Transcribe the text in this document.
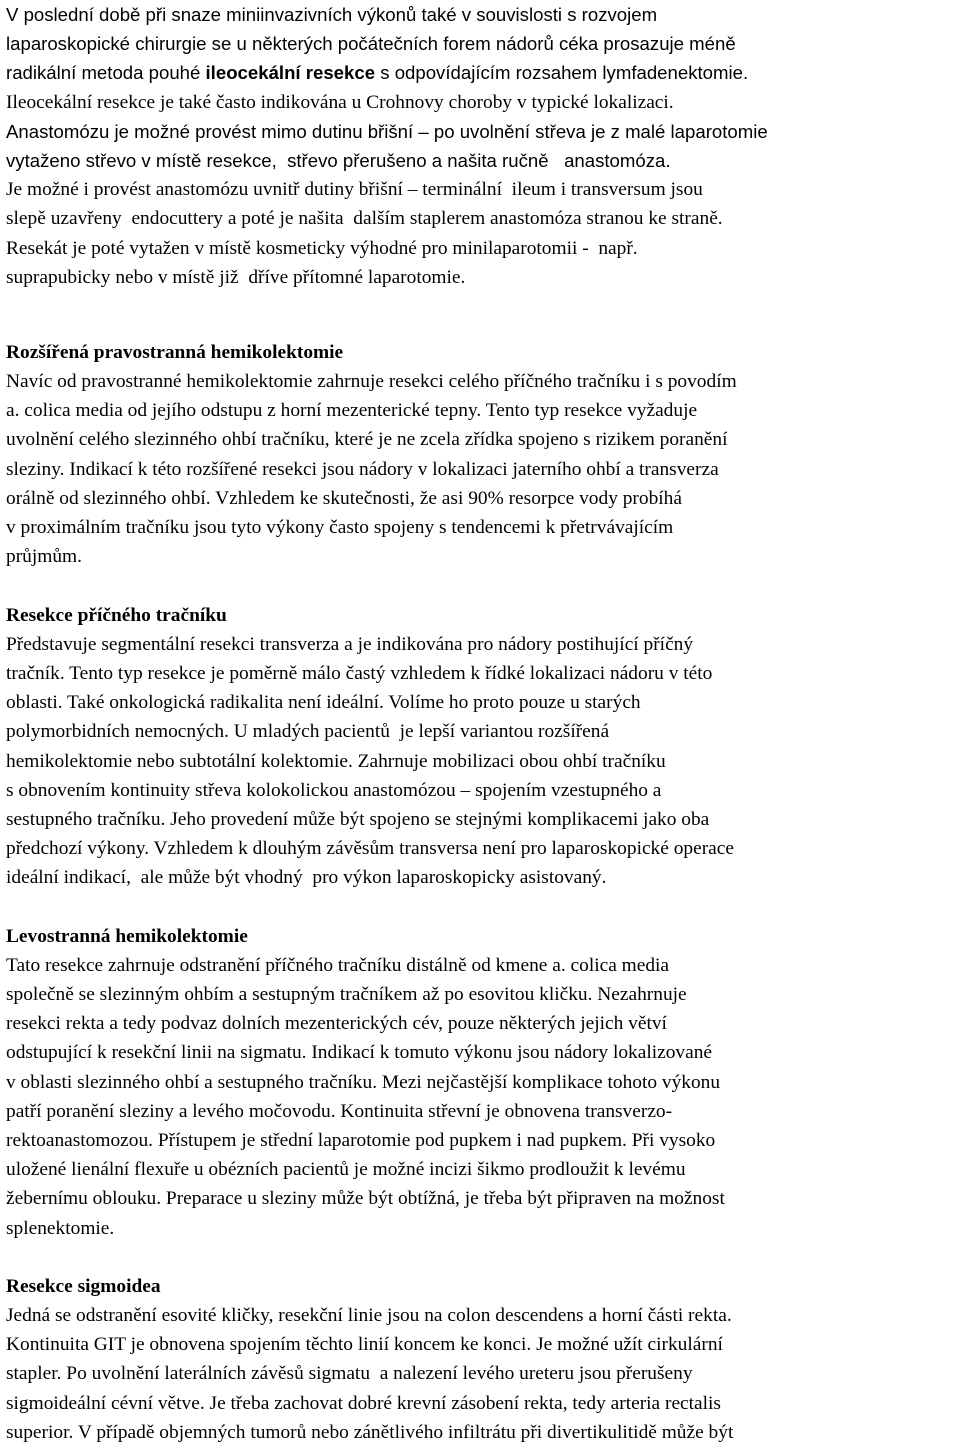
V poslední době při snaze miniinvazivních výkonů také v souvislosti s rozvojem
laparoskopické chirurgie se u některých počátečních forem nádorů céka prosazuje méně
radikální metoda pouhé ileocekální resekce s odpovídajícím rozsahem lymfadenektomie.
Ileocekální resekce je také často indikována u Crohnovy choroby v typické lokalizaci.
Anastomózu je možné provést mimo dutinu břišní – po uvolnění střeva je z malé laparotomie
vytaženo střevo v místě resekce,  střevo přerušeno a našita ručně   anastomóza.
Je možné i provést anastomózu uvnitř dutiny břišní – terminální  ileum i transversum jsou
slepě uzavřeny  endocuttery a poté je našita  dalším staplerem anastomóza stranou ke straně.
Resekát je poté vytažen v místě kosmeticky výhodné pro minilaparotomii -  např.
suprapubicky nebo v místě již  dříve přítomné laparotomie.
Rozšířená pravostranná hemikolektomie
Navíc od pravostranné hemikolektomie zahrnuje resekci celého příčného tračníku i s povodím
a. colica media od jejího odstupu z horní mezenterické tepny. Tento typ resekce vyžaduje
uvolnění celého slezinného ohbí tračníku, které je ne zcela zřídka spojeno s rizikem poranění
sleziny. Indikací k této rozšířené resekci jsou nádory v lokalizaci jaterního ohbí a transverza
orálně od slezinného ohbí. Vzhledem ke skutečnosti, že asi 90% resorpce vody probíhá
v proximálním tračníku jsou tyto výkony často spojeny s tendencemi k přetrvávajícím
průjmům.
Resekce příčného tračníku
Představuje segmentální resekci transverza a je indikována pro nádory postihující příčný
tračník. Tento typ resekce je poměrně málo častý vzhledem k řídké lokalizaci nádoru v této
oblasti. Také onkologická radikalita není ideální. Volíme ho proto pouze u starých
polymorbidních nemocných. U mladých pacientů  je lepší variantou rozšířená
hemikolektomie nebo subtotální kolektomie. Zahrnuje mobilizaci obou ohbí tračníku
s obnovením kontinuity střeva kolokolickou anastomózou – spojením vzestupného a
sestupného tračníku. Jeho provedení může být spojeno se stejnými komplikacemi jako oba
předchozí výkony. Vzhledem k dlouhým závěsům transversa není pro laparoskopické operace
ideální indikací,  ale může být vhodný  pro výkon laparoskopicky asistovaný.
Levostranná hemikolektomie
Tato resekce zahrnuje odstranění příčného tračníku distálně od kmene a. colica media
společně se slezinným ohbím a sestupným tračníkem až po esovitou kličku. Nezahrnuje
resekci rekta a tedy podvaz dolních mezenterických cév, pouze některých jejich větví
odstupující k resekční linii na sigmatu. Indikací k tomuto výkonu jsou nádory lokalizované
v oblasti slezinného ohbí a sestupného tračníku. Mezi nejčastější komplikace tohoto výkonu
patří poranění sleziny a levého močovodu. Kontinuita střevní je obnovena transverzo-
rektoanastomozou. Přístupem je střední laparotomie pod pupkem i nad pupkem. Při vysoko
uložené lienální flexuře u obézních pacientů je možné incizi šikmo prodloužit k levému
žebernímu oblouku. Preparace u sleziny může být obtížná, je třeba být připraven na možnost
splenektomie.
Resekce sigmoidea
Jedná se odstranění esovité kličky, resekční linie jsou na colon descendens a horní části rekta.
Kontinuita GIT je obnovena spojením těchto linií koncem ke konci. Je možné užít cirkulární
stapler. Po uvolnění laterálních závěsů sigmatu  a nalezení levého ureteru jsou přerušeny
sigmoideální cévní větve. Je třeba zachovat dobré krevní zásobení rekta, tedy arteria rectalis
superior. V případě objemných tumorů nebo zánětlivého infiltrátu při divertikulitidě může být
